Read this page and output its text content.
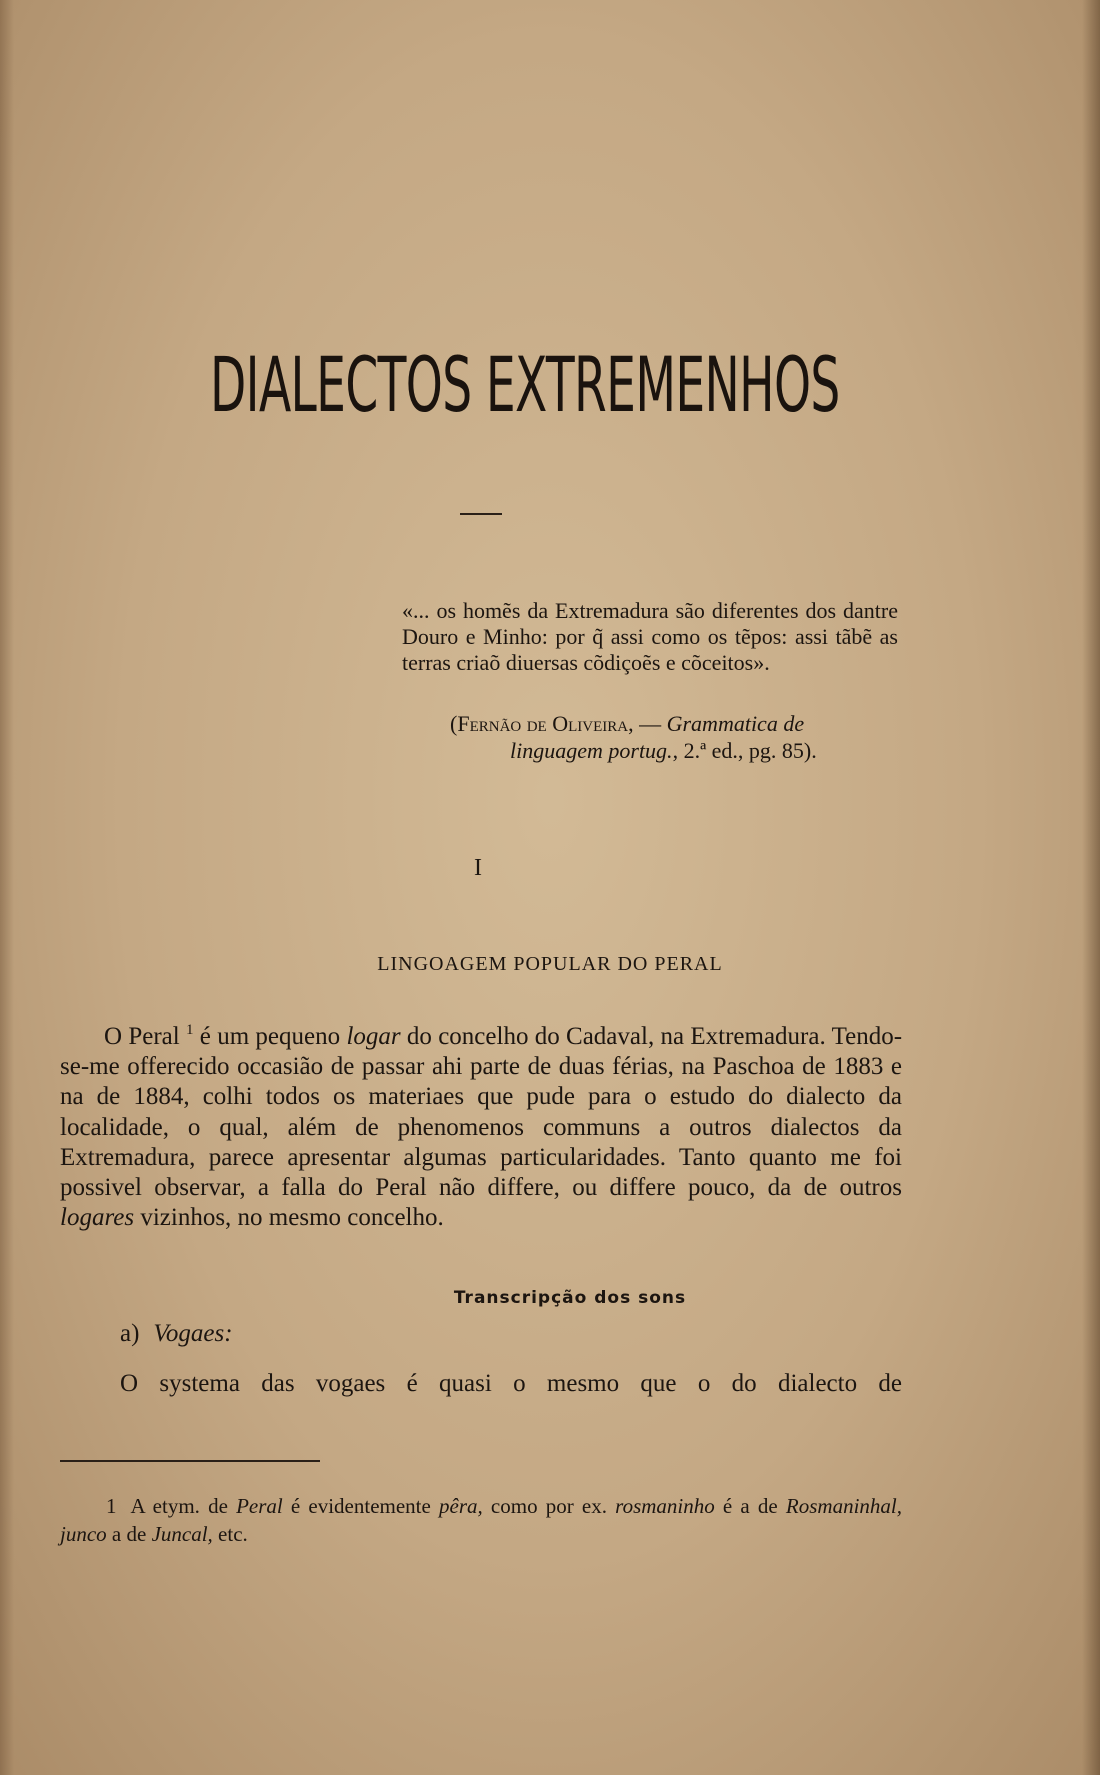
DIALECTOS EXTREMENHOS

«... os homẽs da Extremadura são diferentes dos dantre Douro e Minho: por q̃ assi como os tẽpos: assi tãbẽ as terras criaõ diuersas cõdiçoẽs e cõceitos».

(Fernão de Oliveira, — Grammatica de
linguagem portug., 2.ª ed., pg. 85).
I
LINGOAGEM POPULAR DO PERAL

O Peral $^1$ é um pequeno logar do concelho do Cadaval, na Extremadura. Tendo-se-me offerecido occasião de passar ahi parte de duas férias, na Paschoa de 1883 e na de 1884, colhi todos os materiaes que pude para o estudo do dialecto da localidade, o qual, além de phenomenos communs a outros dialectos da Extremadura, parece apresentar algumas particularidades. Tanto quanto me foi possivel observar, a falla do Peral não differe, ou differe pouco, da de outros logares vizinhos, no mesmo concelho.

Transcripção dos sons
a) Vogaes:
O systema das vogaes é quasi o mesmo que o do dialecto de

1 A etym. de Peral é evidentemente pêra, como por ex. rosmaninho é a de Rosmaninhal, junco a de Juncal, etc.
